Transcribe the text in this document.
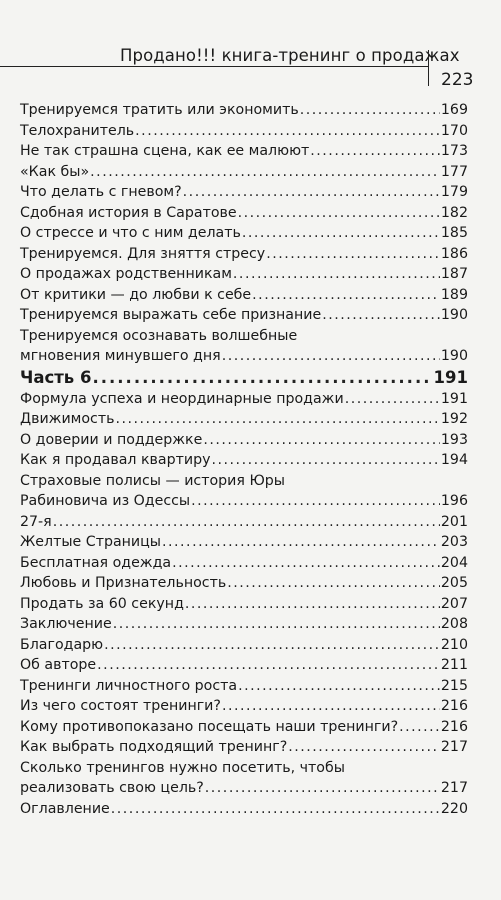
Продано!!! книга-тренинг о продажах
223
Тренируемся тратить или экономить .....	169
Телохранитель .....	170
Не так страшна сцена, как ее малюют .....	173
«Как бы» .....	177
Что делать с гневом? .....	179
Сдобная история в Саратове .....	182
О стрессе и что с ним делать .....	185
Тренируемся. Для зняття стресу .....	186
О продажах родственникам .....	187
От критики — до любви к себе .....	189
Тренируемся выражать себе признание .....	190
Тренируемся осознавать волшебные
мгновения минувшего дня .....	190
Часть 6 .....	191
Формула успеха и неординарные продажи .....	191
Движимость .....	192
О доверии и поддержке .....	193
Как я продавал квартиру .....	194
Страховые полисы — история Юры
Рабиновича из Одессы .....	196
27-я .....	201
Желтые Страницы .....	203
Бесплатная одежда .....	204
Любовь и Признательность .....	205
Продать за 60 секунд .....	207
Заключение .....	208
Благодарю .....	210
Об авторе .....	211
Тренинги личностного роста .....	215
Из чего состоят тренинги? .....	216
Кому противопоказано посещать наши тренинги? .....	216
Как выбрать подходящий тренинг? .....	217
Сколько тренингов нужно посетить, чтобы
реализовать свою цель? .....	217
Оглавление .....	220
